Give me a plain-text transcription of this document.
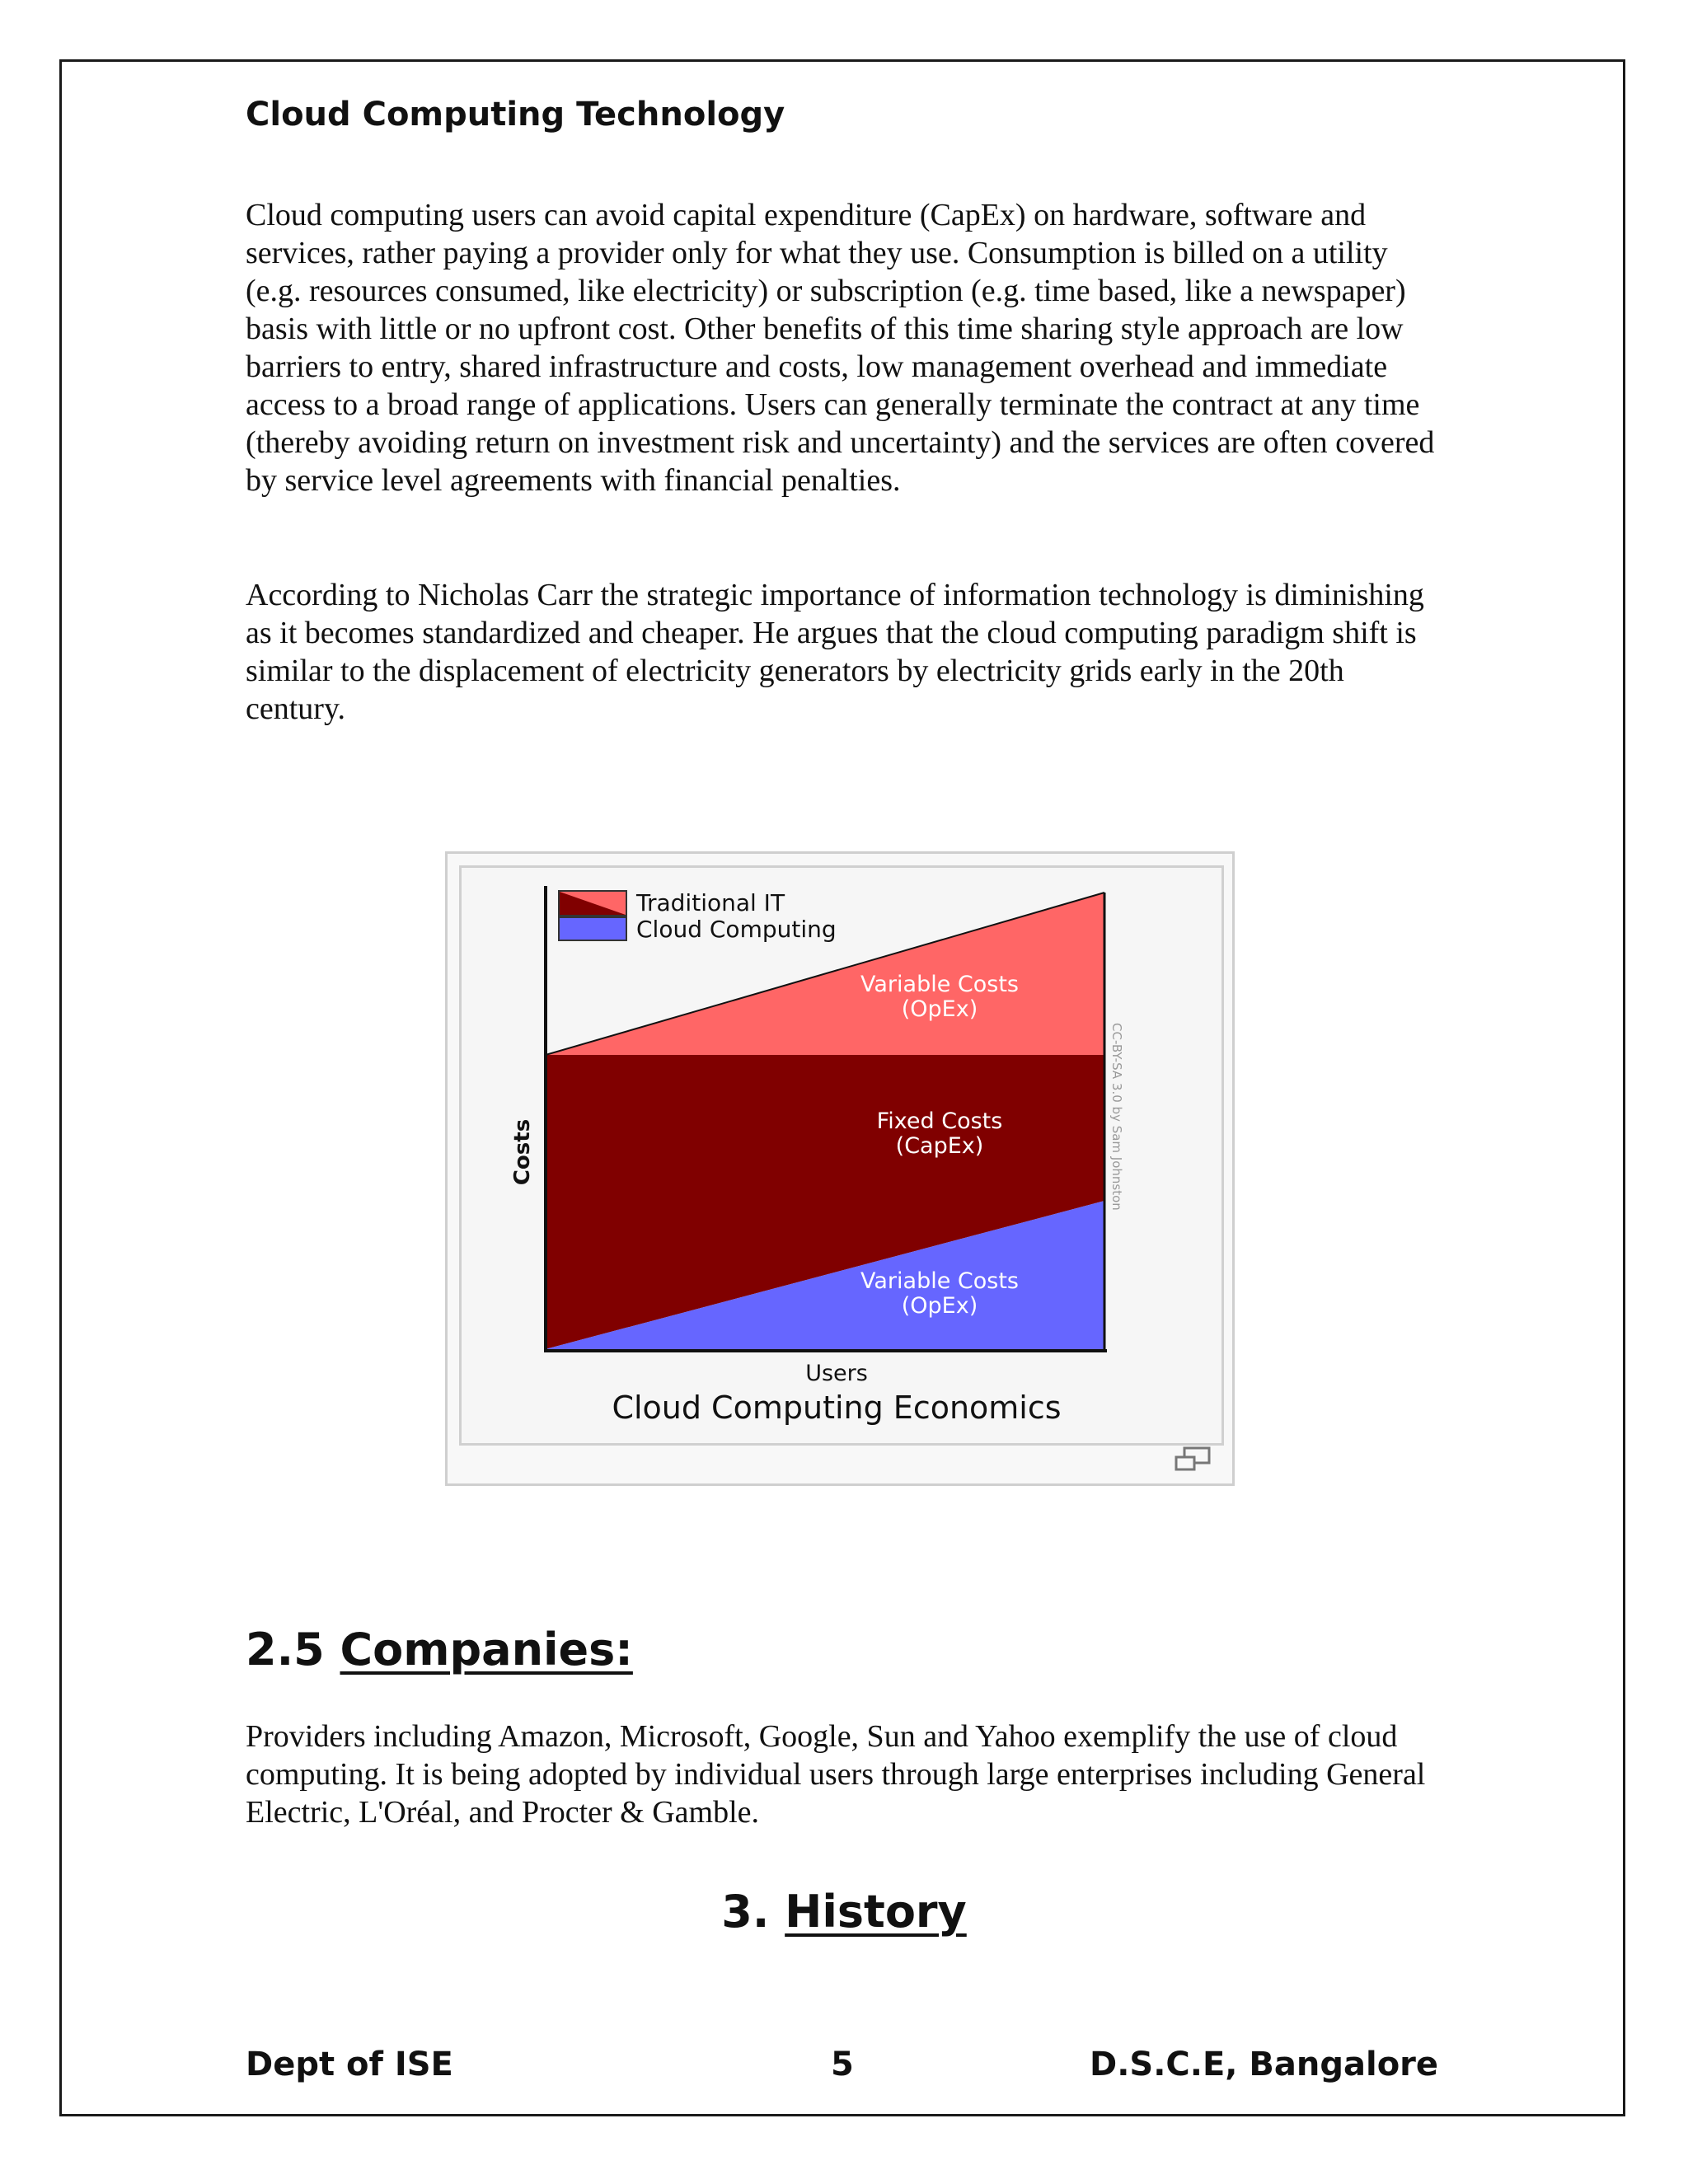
Cloud Computing Technology

Cloud computing users can avoid capital expenditure (CapEx) on hardware, software and services, rather paying a provider only for what they use. Consumption is billed on a utility (e.g. resources consumed, like electricity) or subscription (e.g. time based, like a newspaper) basis with little or no upfront cost. Other benefits of this time sharing style approach are low barriers to entry, shared infrastructure and costs, low management overhead and immediate access to a broad range of applications. Users can generally terminate the contract at any time (thereby avoiding return on investment risk and uncertainty) and the services are often covered by service level agreements with financial penalties.

According to Nicholas Carr the strategic importance of information technology is diminishing as it becomes standardized and cheaper. He argues that the cloud computing paradigm shift is similar to the displacement of electricity generators by electricity grids early in the 20th century.

Traditional IT
Cloud Computing
Variable Costs
(OpEx)
Fixed Costs
(CapEx)
Variable Costs
(OpEx)
Costs
Users
Cloud Computing Economics
CC-BY-SA 3.0 by Sam Johnston
2.5 Companies:

Providers including Amazon, Microsoft, Google, Sun and Yahoo exemplify the use of cloud computing. It is being adopted by individual users through large enterprises including General Electric, L'Oréal, and Procter & Gamble.

3. History
Dept of ISE	5	D.S.C.E, Bangalore
